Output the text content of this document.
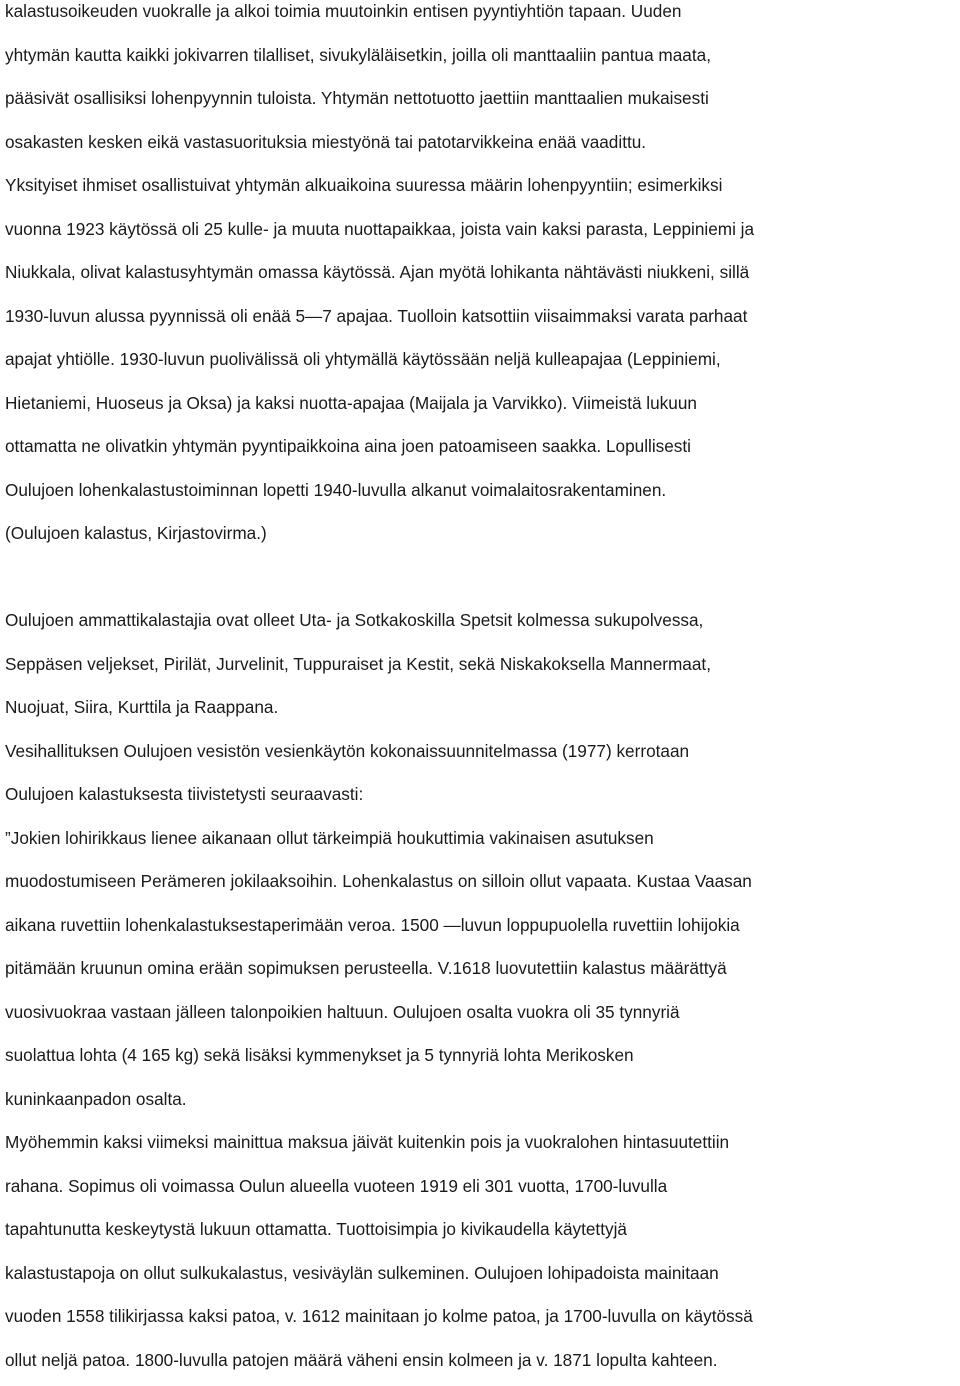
kalastusoikeuden vuokralle ja alkoi toimia muutoinkin entisen pyyntiyhtiön tapaan. Uuden
yhtymän kautta kaikki jokivarren tilalliset, sivukyläläisetkin, joilla oli manttaaliin pantua maata,
pääsivät osallisiksi lohenpyynnin tuloista. Yhtymän nettotuotto jaettiin manttaalien mukaisesti
osakasten kesken eikä vastasuorituksia miestyönä tai patotarvikkeina enää vaadittu.
Yksityiset ihmiset osallistuivat yhtymän alkuaikoina suuressa määrin lohenpyyntiin; esimerkiksi
vuonna 1923 käytössä oli 25 kulle- ja muuta nuottapaikkaa, joista vain kaksi parasta, Leppiniemi ja
Niukkala, olivat kalastusyhtymän omassa käytössä. Ajan myötä lohikanta nähtävästi niukkeni, sillä
1930-luvun alussa pyynnissä oli enää 5—7 apajaa. Tuolloin katsottiin viisaimmaksi varata parhaat
apajat yhtiölle. 1930-luvun puolivälissä oli yhtymällä käytössään neljä kulleapajaa (Leppiniemi,
Hietaniemi, Huoseus ja Oksa) ja kaksi nuotta-apajaa (Maijala ja Varvikko). Viimeistä lukuun
ottamatta ne olivatkin yhtymän pyyntipaikkoina aina joen patoamiseen saakka. Lopullisesti
Oulujoen lohenkalastustoiminnan lopetti 1940-luvulla alkanut voimalaitosrakentaminen.
(Oulujoen kalastus, Kirjastovirma.)
Oulujoen ammattikalastajia ovat olleet Uta- ja Sotkakoskilla Spetsit kolmessa sukupolvessa,
Seppäsen veljekset, Pirilät, Jurvelinit, Tuppuraiset ja Kestit, sekä Niskakoksella Mannermaat,
Nuojuat, Siira, Kurttila ja Raappana.
Vesihallituksen Oulujoen vesistön vesienkäytön kokonaissuunnitelmassa (1977) kerrotaan
Oulujoen kalastuksesta tiivistetysti seuraavasti:
”Jokien lohirikkaus lienee aikanaan ollut tärkeimpiä houkuttimia vakinaisen asutuksen
muodostumiseen Perämeren jokilaaksoihin. Lohenkalastus on silloin ollut vapaata. Kustaa Vaasan
aikana ruvettiin lohenkalastuksestaperimään veroa. 1500 —luvun loppupuolella ruvettiin lohijokia
pitämään kruunun omina erään sopimuksen perusteella. V.1618 luovutettiin kalastus määrättyä
vuosivuokraa vastaan jälleen talonpoikien haltuun. Oulujoen osalta vuokra oli 35 tynnyriä
suolattua lohta (4 165 kg) sekä lisäksi kymmenykset ja 5 tynnyriä lohta Merikosken
kuninkaanpadon osalta.
Myöhemmin kaksi viimeksi mainittua maksua jäivät kuitenkin pois ja vuokralohen hintasuutettiin
rahana. Sopimus oli voimassa Oulun alueella vuoteen 1919 eli 301 vuotta, 1700-luvulla
tapahtunutta keskeytystä lukuun ottamatta. Tuottoisimpia jo kivikaudella käytettyjä
kalastustapoja on ollut sulkukalastus, vesiväylän sulkeminen. Oulujoen lohipadoista mainitaan
vuoden 1558 tilikirjassa kaksi patoa, v. 1612 mainitaan jo kolme patoa, ja 1700-luvulla on käytössä
ollut neljä patoa. 1800-luvulla patojen määrä väheni ensin kolmeen ja v. 1871 lopulta kahteen.
